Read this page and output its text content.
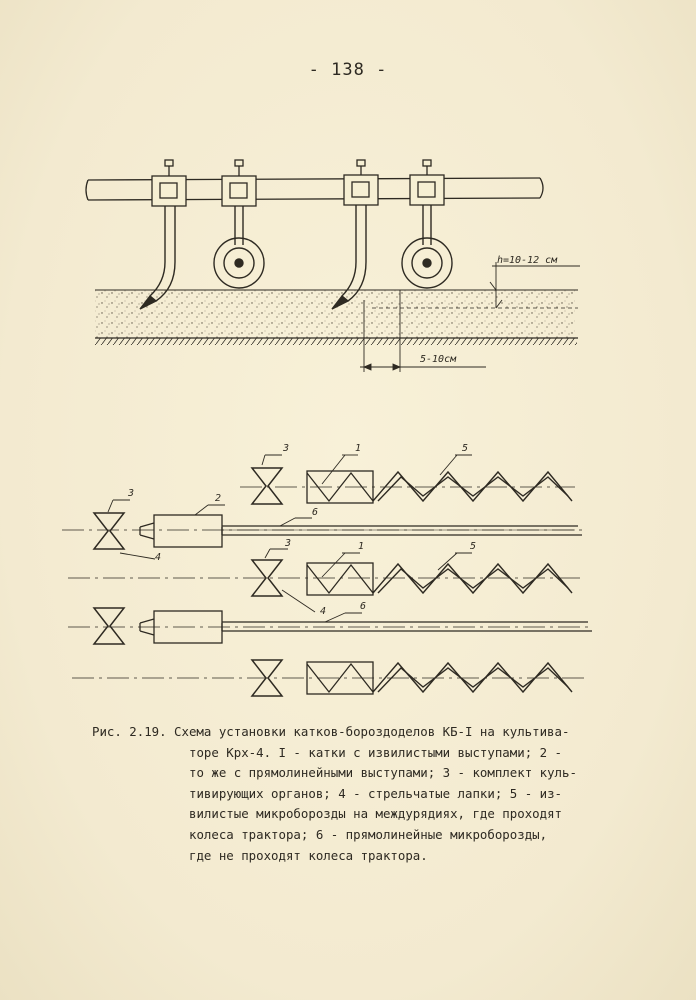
- 138 -
h=10-12 см
5-10см
3	1	5
3	2
6
4
3	1	5
4	6
Рис. 2.19. Схема установки катков-бороздоделов КБ-I на культива-
торе Крх-4. I - катки с извилистыми выступами; 2 -
то же с прямолинейными выступами; 3 - комплект куль-
тивирующих органов; 4 - стрельчатые лапки; 5 - из-
вилистые микроборозды на междурядиях, где проходят
колеса трактора; 6 - прямолинейные микроборозды,
где не проходят колеса трактора.
